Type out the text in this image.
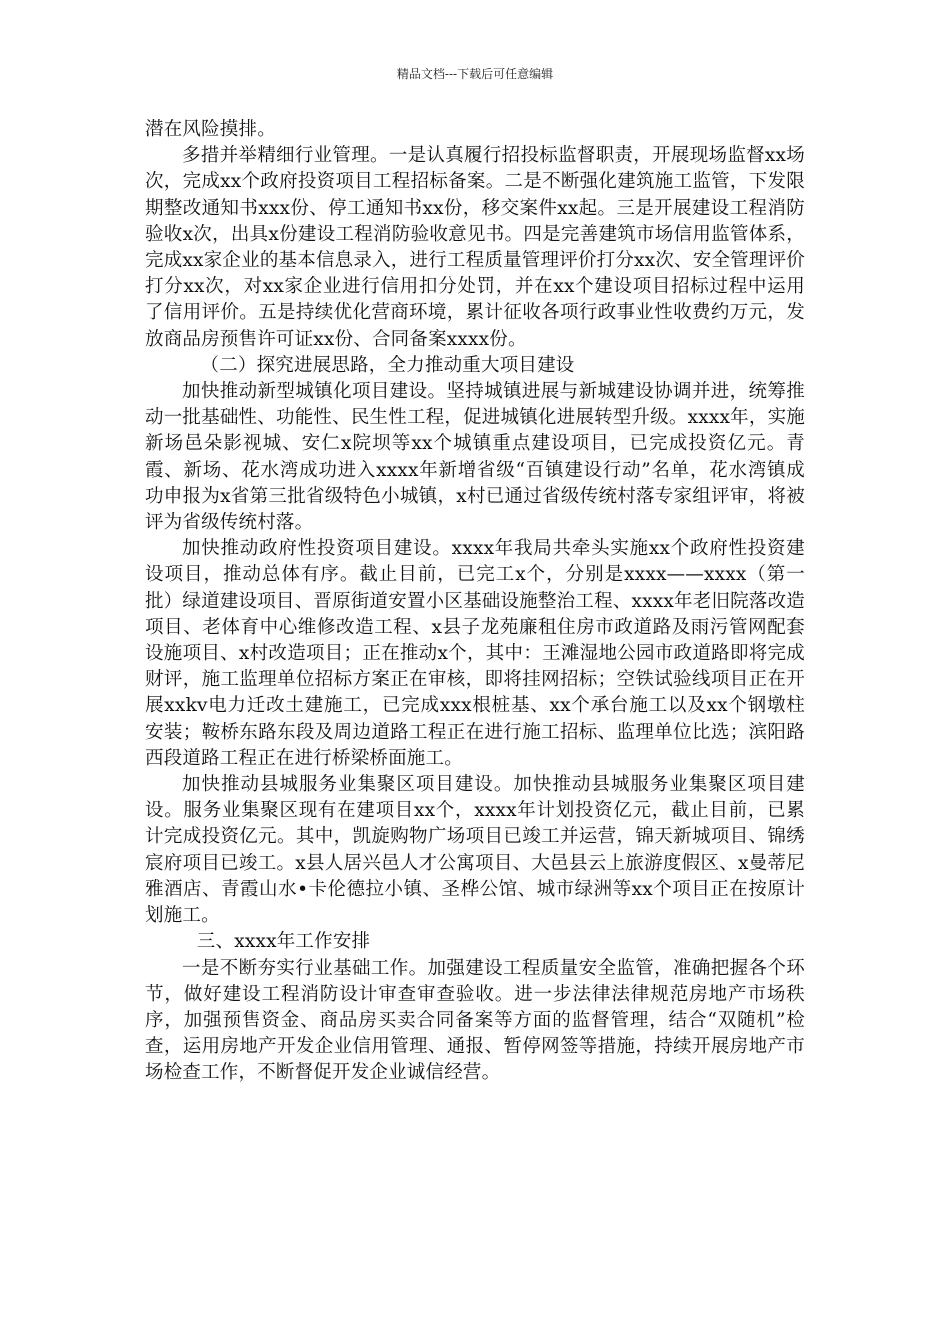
精品文档---下载后可任意编辑

潜在风险摸排。

多措并举精细行业管理。一是认真履行招投标监督职责，开展现场监督xx场次，完成xx个政府投资项目工程招标备案。二是不断强化建筑施工监管，下发限期整改通知书xxx份、停工通知书xx份，移交案件xx起。三是开展建设工程消防验收x次，出具x份建设工程消防验收意见书。四是完善建筑市场信用监管体系，完成xx家企业的基本信息录入，进行工程质量管理评价打分xx次、安全管理评价打分xx次，对xx家企业进行信用扣分处罚，并在xx个建设项目招标过程中运用了信用评价。五是持续优化营商环境，累计征收各项行政事业性收费约万元，发放商品房预售许可证xx份、合同备案xxxx份。

（二）探究进展思路，全力推动重大项目建设

加快推动新型城镇化项目建设。坚持城镇进展与新城建设协调并进，统筹推动一批基础性、功能性、民生性工程，促进城镇化进展转型升级。xxxx年，实施新场邑朵影视城、安仁x院坝等xx个城镇重点建设项目，已完成投资亿元。青霞、新场、花水湾成功进入xxxx年新增省级“百镇建设行动”名单，花水湾镇成功申报为x省第三批省级特色小城镇，x村已通过省级传统村落专家组评审，将被评为省级传统村落。

加快推动政府性投资项目建设。xxxx年我局共牵头实施xx个政府性投资建设项目，推动总体有序。截止目前，已完工x个，分别是xxxx——xxxx（第一批）绿道建设项目、晋原街道安置小区基础设施整治工程、xxxx年老旧院落改造项目、老体育中心维修改造工程、x县子龙苑廉租住房市政道路及雨污管网配套设施项目、x村改造项目；正在推动x个，其中：王滩湿地公园市政道路即将完成财评，施工监理单位招标方案正在审核，即将挂网招标；空铁试验线项目正在开展xxkv电力迁改土建施工，已完成xxx根桩基、xx个承台施工以及xx个钢墩柱安装；鞍桥东路东段及周边道路工程正在进行施工招标、监理单位比选；滨阳路西段道路工程正在进行桥梁桥面施工。

加快推动县城服务业集聚区项目建设。加快推动县城服务业集聚区项目建设。服务业集聚区现有在建项目xx个，xxxx年计划投资亿元，截止目前，已累计完成投资亿元。其中，凯旋购物广场项目已竣工并运营，锦天新城项目、锦绣宸府项目已竣工。x县人居兴邑人才公寓项目、大邑县云上旅游度假区、x曼蒂尼雅酒店、青霞山水•卡伦德拉小镇、圣桦公馆、城市绿洲等xx个项目正在按原计划施工。

三、xxxx年工作安排

一是不断夯实行业基础工作。加强建设工程质量安全监管，准确把握各个环节，做好建设工程消防设计审查审查验收。进一步法律法律规范房地产市场秩序，加强预售资金、商品房买卖合同备案等方面的监督管理，结合“双随机”检查，运用房地产开发企业信用管理、通报、暂停网签等措施，持续开展房地产市场检查工作，不断督促开发企业诚信经营。
